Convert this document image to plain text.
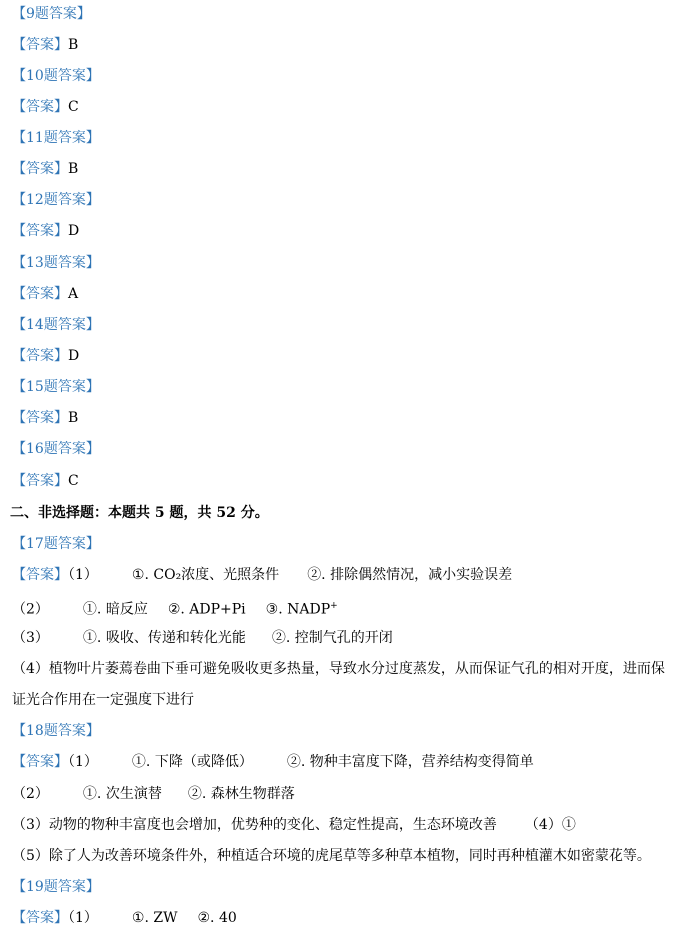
【9题答案】
【答案】B
【10题答案】
【答案】C
【11题答案】
【答案】B
【12题答案】
【答案】D
【13题答案】
【答案】A
【14题答案】
【答案】D
【15题答案】
【答案】B
【16题答案】
【答案】C
二、非选择题：本题共 5 题，共 52 分。
【17题答案】
【答案】（1） ①. CO₂浓度、光照条件 ②. 排除偶然情况，减小实验误差
（2） ①. 暗反应 ②. ADP+Pi ③. NADP+
（3） ①. 吸收、传递和转化光能 ②. 控制气孔的开闭
（4）植物叶片萎蔫卷曲下垂可避免吸收更多热量，导致水分过度蒸发，从而保证气孔的相对开度，进而保
证光合作用在一定强度下进行
【18题答案】
【答案】（1） ①. 下降（或降低） ②. 物种丰富度下降，营养结构变得简单
（2） ①. 次生演替 ②. 森林生物群落
（3）动物的物种丰富度也会增加，优势种的变化、稳定性提高，生态环境改善 （4）①
（5）除了人为改善环境条件外，种植适合环境的虎尾草等多种草本植物，同时再种植灌木如密蒙花等。
【19题答案】
【答案】（1） ①. ZW ②. 40
